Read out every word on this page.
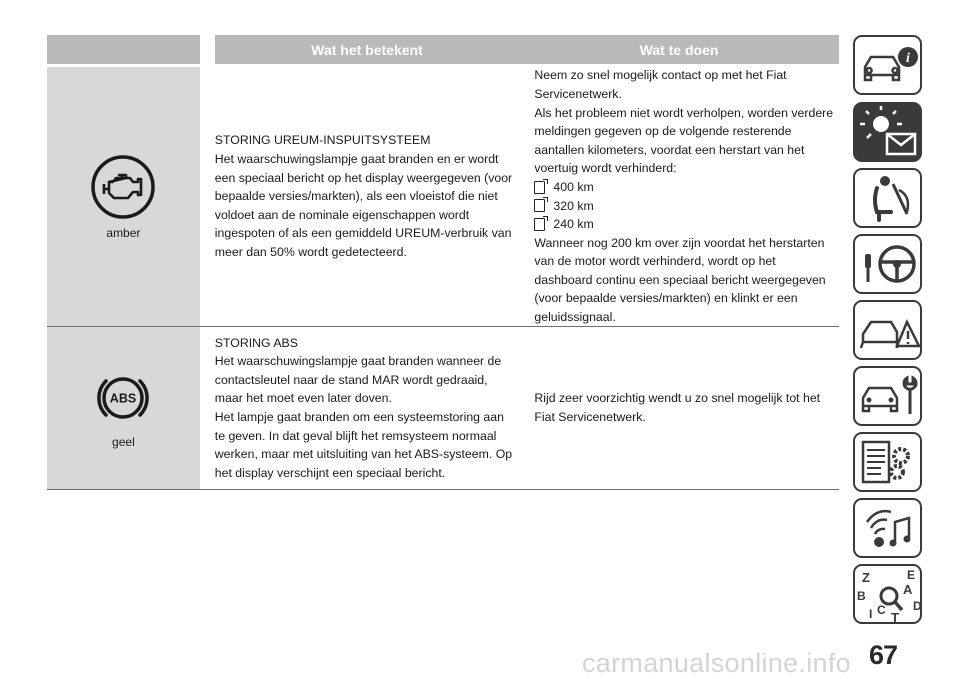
Wat het betekent	Wat te doen
amber
STORING UREUM-INSPUITSYSTEEM
Het waarschuwingslampje gaat branden en er wordt
een speciaal bericht op het display weergegeven (voor
bepaalde versies/markten), als een vloeistof die niet
voldoet aan de nominale eigenschappen wordt
ingespoten of als een gemiddeld UREUM-verbruik van
meer dan 50% wordt gedetecteerd.
Neem zo snel mogelijk contact op met het Fiat
Servicenetwerk.
Als het probleem niet wordt verholpen, worden verdere
meldingen gegeven op de volgende resterende
aantallen kilometers, voordat een herstart van het
voertuig wordt verhinderd:
400 km
320 km
240 km
Wanneer nog 200 km over zijn voordat het herstarten
van de motor wordt verhinderd, wordt op het
dashboard continu een speciaal bericht weergegeven
(voor bepaalde versies/markten) en klinkt er een
geluidssignaal.
ABS
geel
STORING ABS
Het waarschuwingslampje gaat branden wanneer de
contactsleutel naar de stand MAR wordt gedraaid,
maar het moet even later doven.
Het lampje gaat branden om een systeemstoring aan
te geven. In dat geval blijft het remsysteem normaal
werken, maar met uitsluiting van het ABS-systeem. Op
het display verschijnt een speciaal bericht.
Rijd zeer voorzichtig wendt u zo snel mogelijk tot het
Fiat Servicenetwerk.
i
Z	E
A
B
C D
T
I
67
carmanualsonline.info
